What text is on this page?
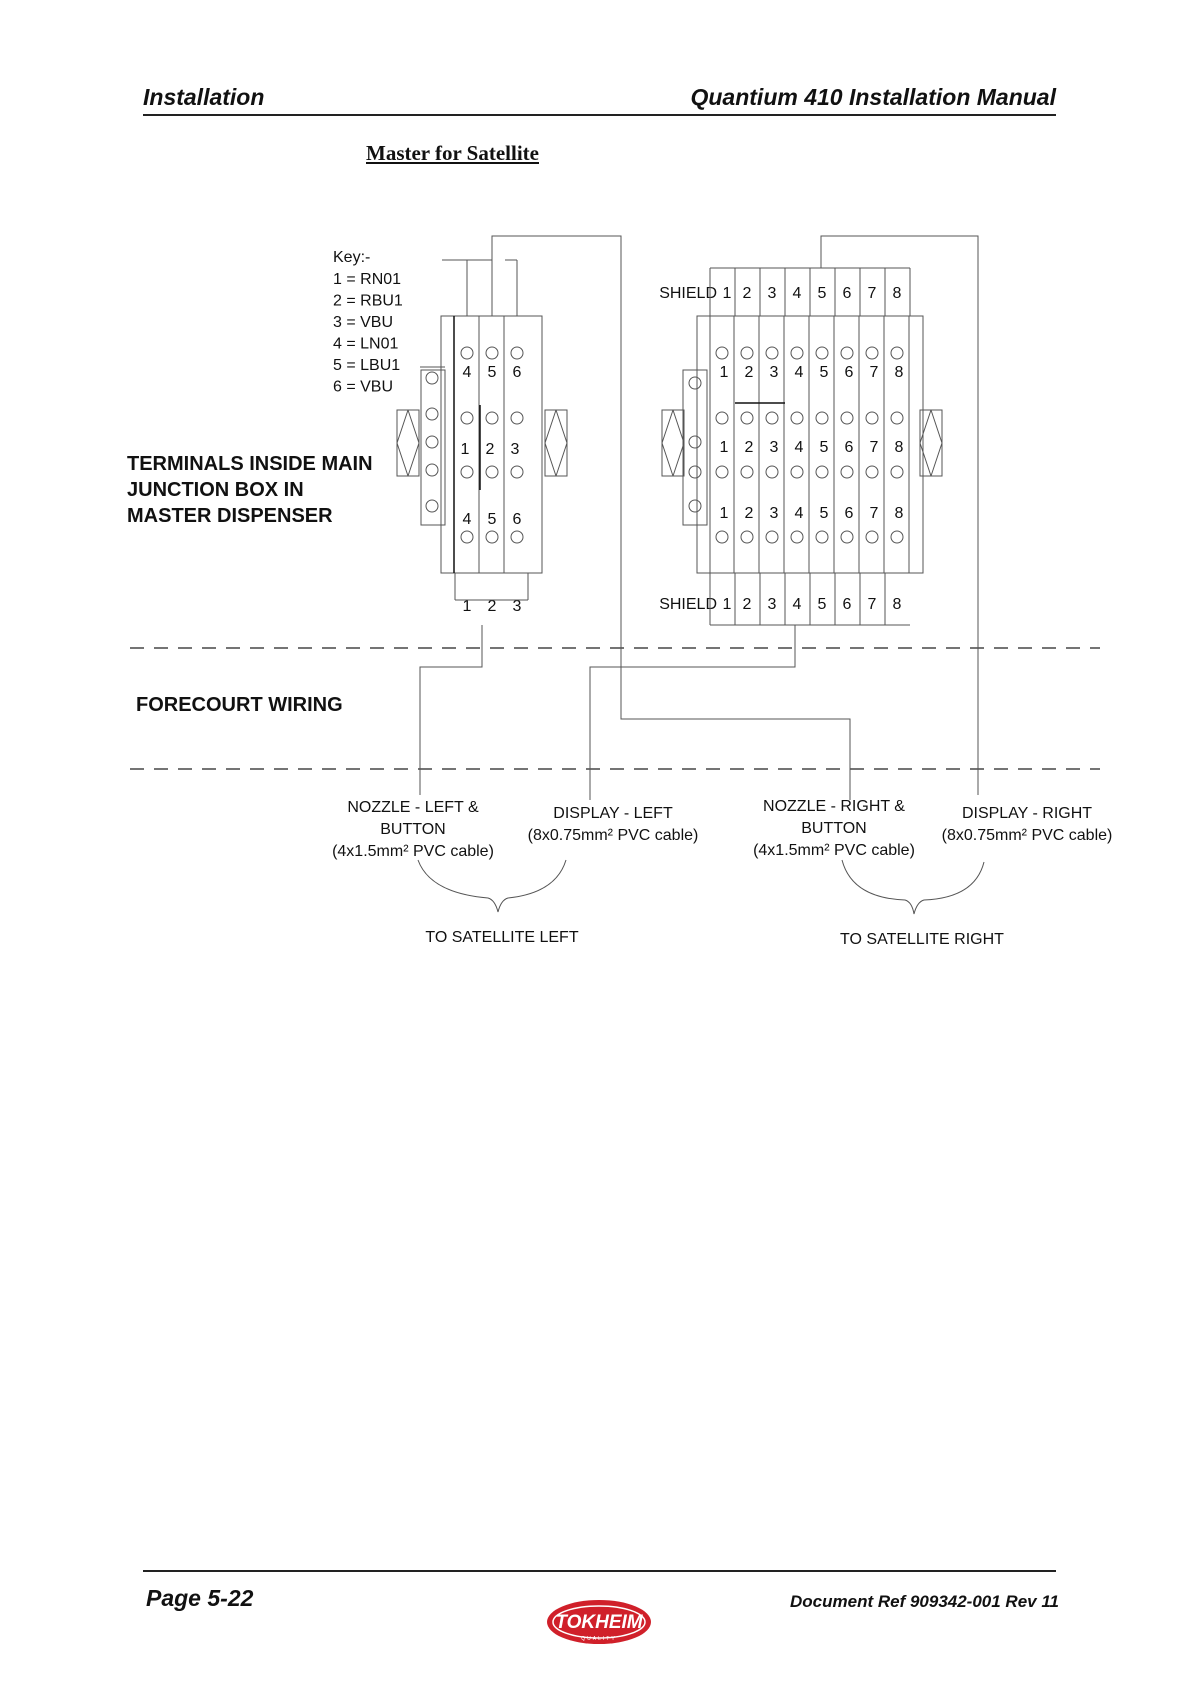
Installation	Quantium 410 Installation Manual
Master for Satellite
4
1
4
1
5
2
5
2
6
3
6
3
SHIELD
SHIELD
1
1
1
1
1
2
2
2
2
2
3
3
3
3
3
4
4
4
4
4
5
5
5
5
5
6
6
6
6
6
7
7
7
7
7
8
8
8
8
8
Key:-
1 = RN01
2 = RBU1
3 = VBU
4 = LN01
5 = LBU1
6 = VBU
TERMINALS INSIDE MAIN
JUNCTION BOX IN
MASTER DISPENSER
FORECOURT WIRING
NOZZLE - LEFT &
BUTTON
(4x1.5mm² PVC cable)
DISPLAY - LEFT
(8x0.75mm² PVC cable)
NOZZLE - RIGHT &
BUTTON
(4x1.5mm² PVC cable)
DISPLAY - RIGHT
(8x0.75mm² PVC cable)
TO SATELLITE LEFT	TO SATELLITE RIGHT
Page 5-22	Document Ref 909342-001 Rev 11
TOKHEIM
QUALITY
